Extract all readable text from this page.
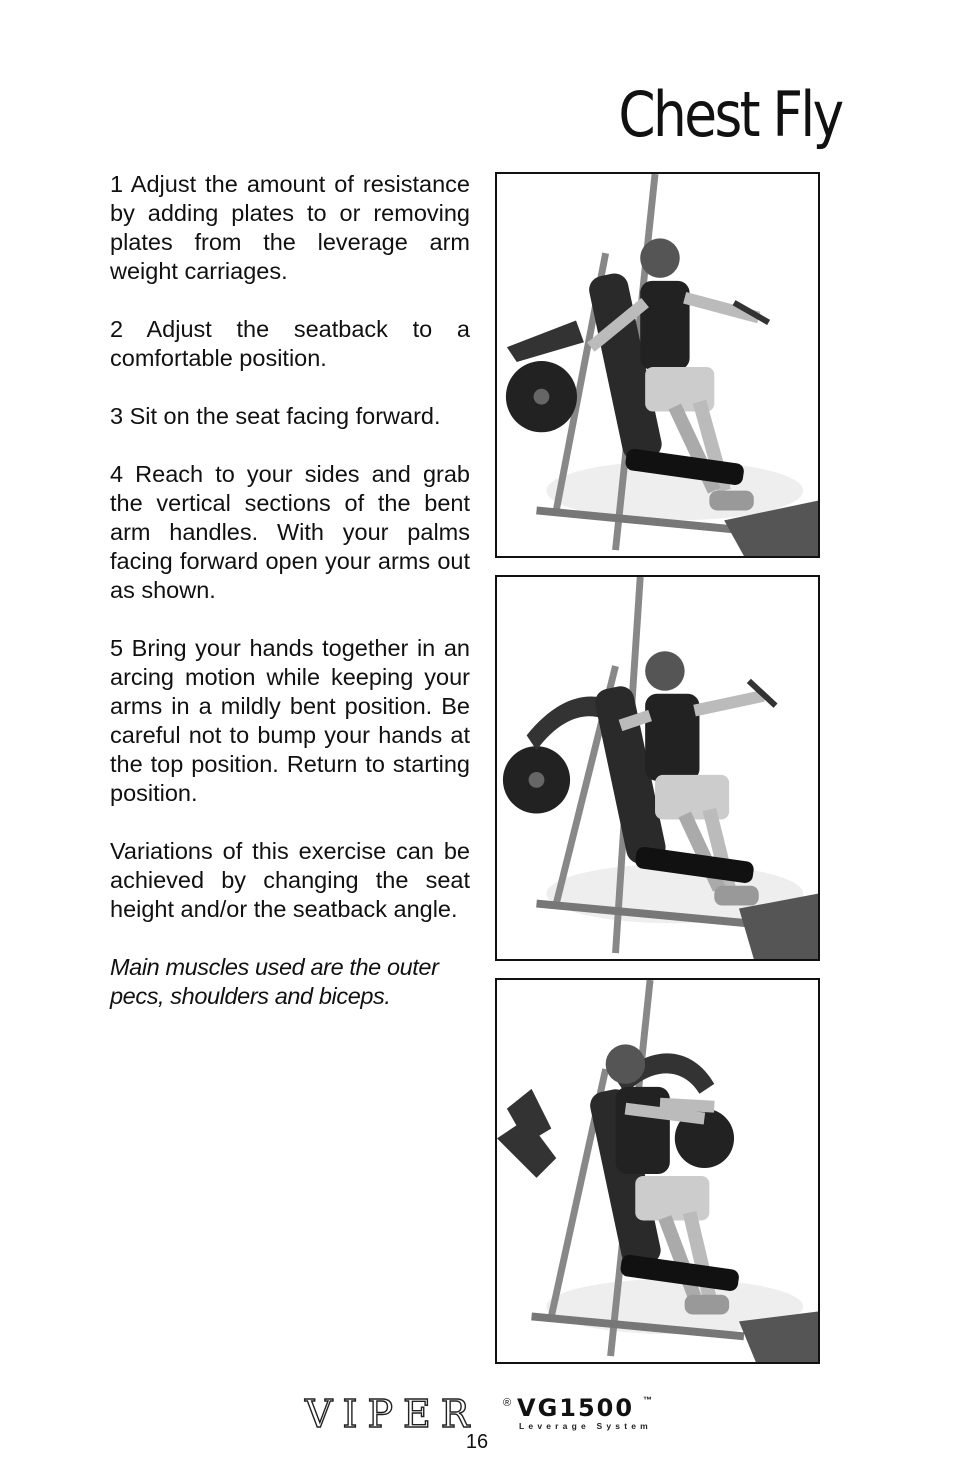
Chest Fly

1 Adjust the amount of resistance by adding plates to or removing plates from the leverage arm weight carriages.

2 Adjust the seatback to a comfortable position.

3 Sit on the seat facing forward.

4 Reach to your sides and grab the vertical sections of the bent arm handles. With your palms facing forward open your arms out as shown.

5 Bring your hands together in an arcing motion while keeping your arms in a mildly bent position. Be careful not to bump your hands at the top position. Return to starting position.

Variations of this exercise can be achieved by changing the seat height and/or the seatback angle.

Main muscles used are the outer pecs, shoulders and biceps.

VIPER ® VG1500 ™
Leverage System
16
